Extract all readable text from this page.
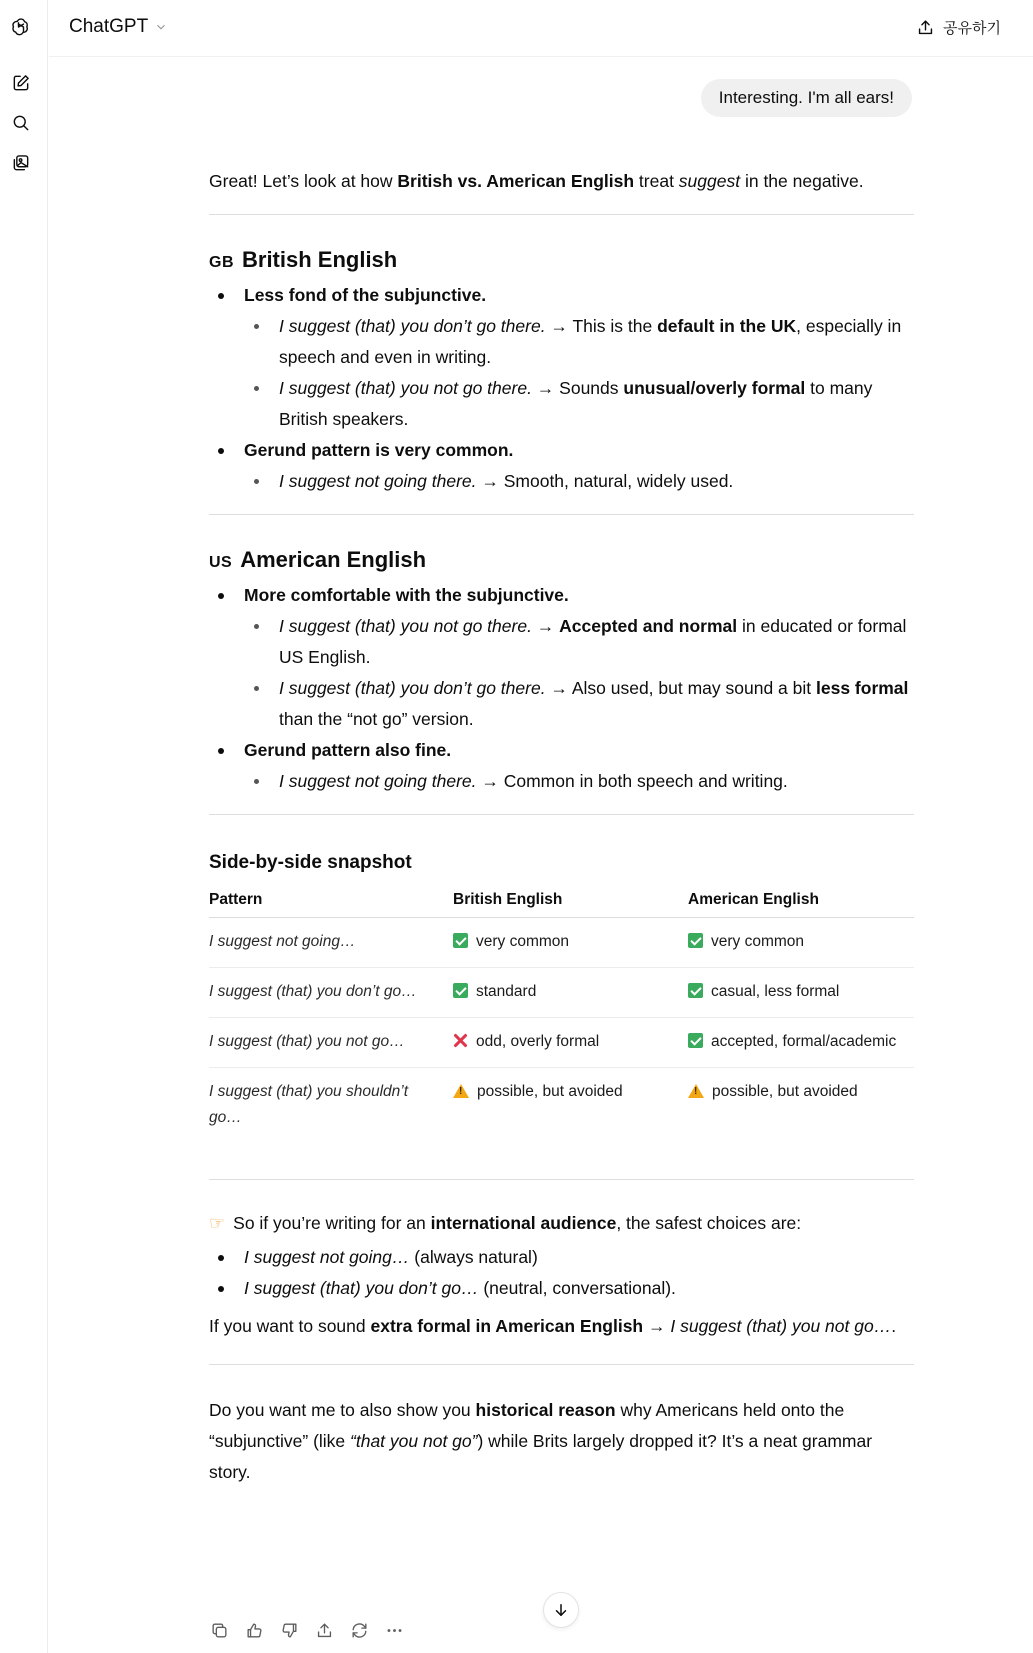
ChatGPT	공유하기
Interesting. I'm all ears!

Great! Let’s look at how British vs. American English treat suggest in the negative.

GB British English
Less fond of the subjunctive.
I suggest (that) you don’t go there. → This is the default in the UK, especially in speech and even in writing.
I suggest (that) you not go there. → Sounds unusual/overly formal to many British speakers.
Gerund pattern is very common.
I suggest not going there. → Smooth, natural, widely used.
US American English
More comfortable with the subjunctive.
I suggest (that) you not go there. → Accepted and normal in educated or formal US English.
I suggest (that) you don’t go there. → Also used, but may sound a bit less formal than the “not go” version.
Gerund pattern also fine.
I suggest not going there. → Common in both speech and writing.
Side-by-side snapshot
Pattern	British English	American English
I suggest not going…	very common	very common
I suggest (that) you don’t go…	standard	casual, less formal
I suggest (that) you not go…	odd, overly formal	accepted, formal/academic
I suggest (that) you shouldn’t go…	!possible, but avoided	!possible, but avoided

☞ So if you’re writing for an international audience, the safest choices are:

I suggest not going… (always natural)
I suggest (that) you don’t go… (neutral, conversational).

If you want to sound extra formal in American English → I suggest (that) you not go….

Do you want me to also show you historical reason why Americans held onto the “subjunctive” (like “that you not go”) while Brits largely dropped it? It’s a neat grammar story.
